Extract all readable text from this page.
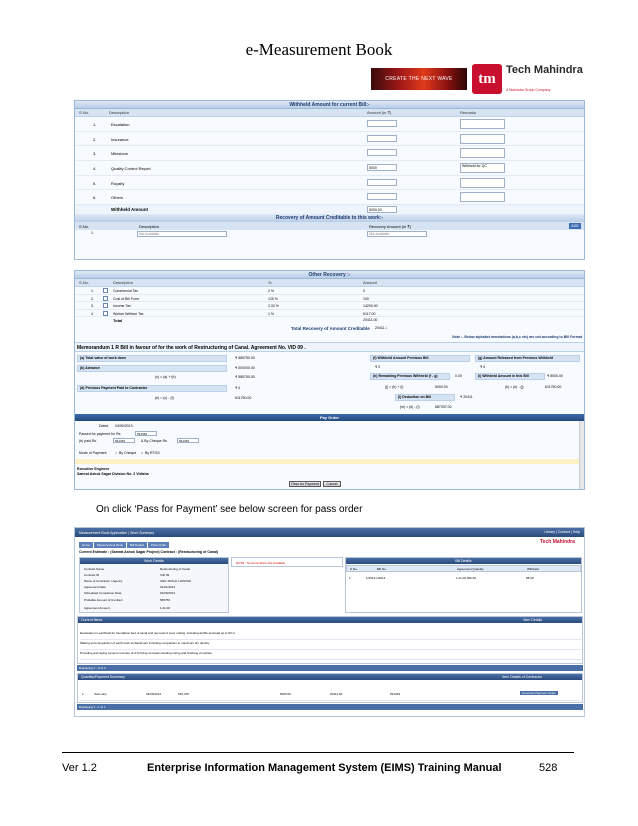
e-Measurement Book
CREATE THE NEXT WAVE	tm
Tech Mahindra
A Mahindra Group Company
Withheld Amount for current Bill:-
S.No.	Description	Amount (in ₹)	Remarks
1.	Escalation
2.	Insurance
3.	Milestone
4.	Quality Control Report	5000	Withheld for QC
5.	Royalty
6.	Others
Withheld Amount	5000.00
Recovery of Amount Creditable to this work:-
S.No.	Description	Recovery Amount (in ₹)	ADD
1.	Not available	Not available
Other Recovery :-
S.No.	Description	%	Amount
1.	Commercial Tax	2 %	0
2.	Cost of Bill Form	125 %	100
3.	Income Tax	2.32 %	14293.00
4.	Worker Welfare Tax	1 %	6117.00
Total	20411.00
Total Recovery of Amount Creditable 20411 /-
Note :- Below alphabet annotations (a,b,c etc) are not according to Bill Format
Memorandum 1 R Bill in favour of for the work of Restructuring of Canal. Agreement No. VID 09 .
(a) Total value of work done	₹ 585750.00
(b) Advance	₹ 000000.00
(c) = (a) + (b)	₹ 585750.00
(d) Previous Payment Paid to Contractor	₹ 0
(e) = (c) - (f)	611750.00
(f) Withheld Amount Previous Bill
₹ 0
(g) Amount Released from Previous Withheld
₹ 0
(h) Remaining Previous Withheld (f - g)	0.00	(i) Withheld Amount in this Bill	₹ 5000.00
(j) = (h) + (i)	5000.00	(k) = (e) - (j)	611750.00
(l) Deduction on Bill	₹ 20411
(m) = (k) - (l)	687337.00
Pay Order
Dated 04/09/2013
Passed for payment for Rs.	591339
(b) paid Rs.	591339	& By Cheque Rs.	591339
Mode of Payment ○ By Cheque ○ By RTGS
Executive Engineer
Samrat Ashok Sagar Division No. 2 Vidisha
Pass for Payment	Cancel
On click ‘Pass for Payment’ see below screen for pass order
Measurement Book Application | Work Summary	Library | Contact | Help
Tech Mahindra
Home	Measurement Book	Bill Details	Pass Order
Current Estimate : (Samrat Ashok Sagar Project) Contract : (Restructuring of Canal)
Work Details
Contract Name	Restructuring of Canal
Contract ID	VID 09
Name of Contractor / Agency	ANIL SINGH, HOSTAR
Agreement Date	01/01/2013
Scheduled Completion Date	01/06/2013
Probable Amount of Contract	585750
Agreement Amount	1,21,00
NOTE : No Items Were Not Available	Bill Details
S.No.	Bill No.	Agreement Quantity	Withheld
1.	1/2013-1/2014	1,21,00,000.00	58.00
Current Items	Item Details
Excavation in earth/soil for foundation bed of canal and removal of mud, cutting, including all lifts and lead up to 50 m
Making and compaction of earth work embankment including compaction to maximum dry density
Providing and laying cement concrete (1:2:4) lining of canal including curing and finishing of surface
Displaying 1 - 3 of 3
Quantity/Payment Summary	Item Details of Contractor
1.	Summary	04/09/2013	536,705	5000.00	20411.00	591339	Generate Payment Order
Displaying 1 - 1 of 1
Ver 1.2	Enterprise Information Management System (EIMS) Training Manual	528
